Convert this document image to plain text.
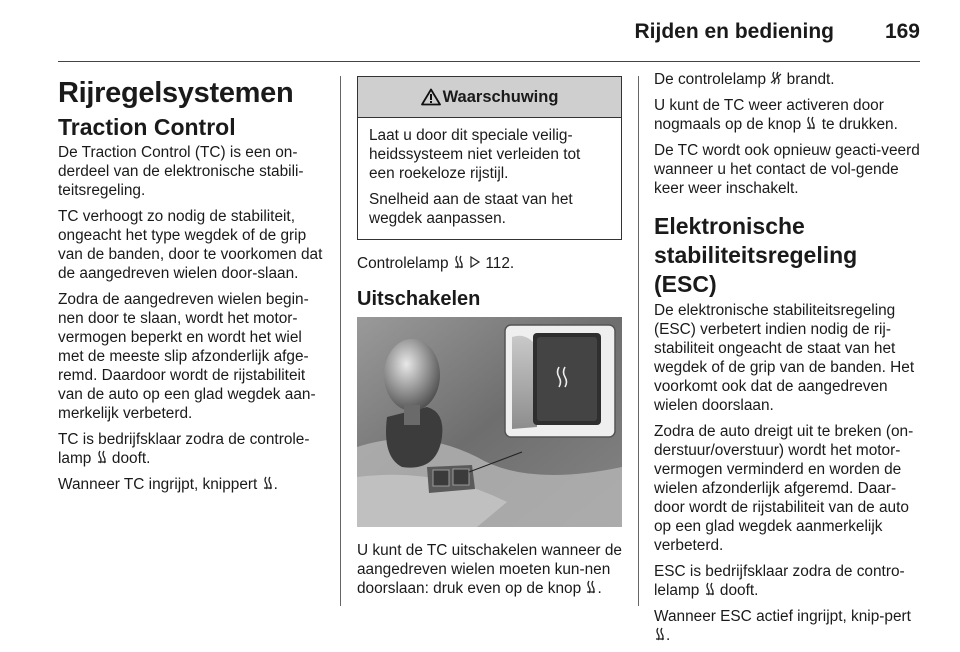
Rijden en bediening 169
Rijregelsystemen
Traction Control

De Traction Control (TC) is een on-derdeel van de elektronische stabili-teitsregeling.

TC verhoogt zo nodig de stabiliteit, ongeacht het type wegdek of de grip van de banden, door te voorkomen dat de aangedreven wielen door-slaan.

Zodra de aangedreven wielen begin-nen door te slaan, wordt het motor-vermogen beperkt en wordt het wiel met de meeste slip afzonderlijk afge-remd. Daardoor wordt de rijstabiliteit van de auto op een glad wegdek aan-merkelijk verbeterd.

TC is bedrijfsklaar zodra de controle-lamp dooft.

Wanneer TC ingrijpt, knippert .

Waarschuwing

Laat u door dit speciale veilig-heidssysteem niet verleiden tot een roekeloze rijstijl.

Snelheid aan de staat van het wegdek aanpassen.

Controlelamp 112.

Uitschakelen

U kunt de TC uitschakelen wanneer de aangedreven wielen moeten kun-nen doorslaan: druk even op de knop .

De controlelamp brandt.

U kunt de TC weer activeren door nogmaals op de knop te drukken.

De TC wordt ook opnieuw geacti-veerd wanneer u het contact de vol-gende keer weer inschakelt.

Elektronische stabiliteitsregeling (ESC)

De elektronische stabiliteitsregeling (ESC) verbetert indien nodig de rij-stabiliteit ongeacht de staat van het wegdek of de grip van de banden. Het voorkomt ook dat de aangedreven wielen doorslaan.

Zodra de auto dreigt uit te breken (on-derstuur/overstuur) wordt het motor-vermogen verminderd en worden de wielen afzonderlijk afgeremd. Daar-door wordt de rijstabiliteit van de auto op een glad wegdek aanmerkelijk verbeterd.

ESC is bedrijfsklaar zodra de contro-lelamp dooft.

Wanneer ESC actief ingrijpt, knip-pert .
